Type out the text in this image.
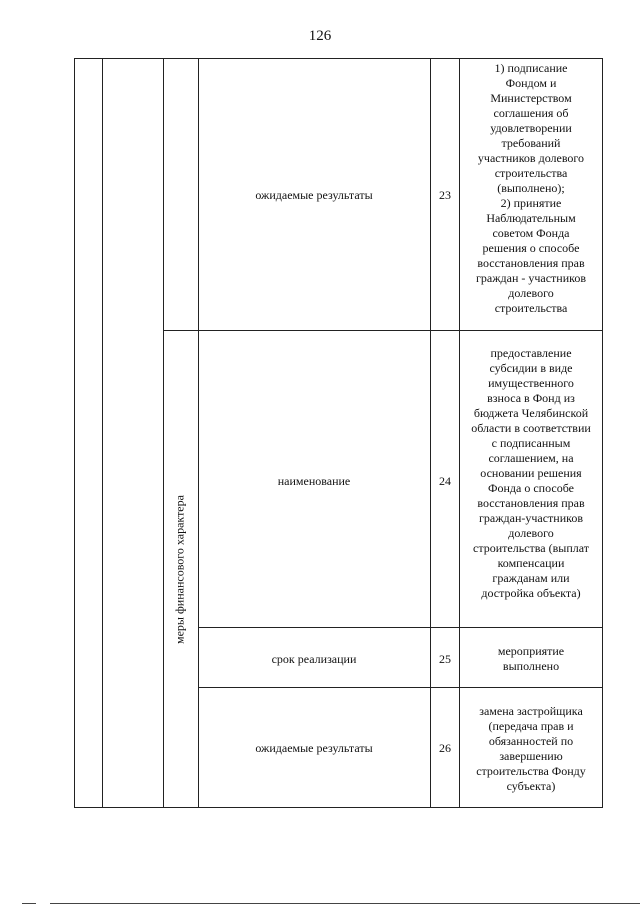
126
меры финансового характера
ожидаемые результаты	23
1) подписание
Фондом и
Министерством
соглашения об
удовлетворении
требований
участников долевого
строительства
(выполнено);
2) принятие
Наблюдательным
советом Фонда
решения о способе
восстановления прав
граждан - участников
долевого
строительства
наименование	24
предоставление
субсидии в виде
имущественного
взноса в Фонд из
бюджета Челябинской
области в соответствии
с подписанным
соглашением, на
основании решения
Фонда о способе
восстановления прав
граждан-участников
долевого
строительства (выплат
компенсации
гражданам или
достройка объекта)
срок реализации	25
мероприятие
выполнено
ожидаемые результаты	26
замена застройщика
(передача прав и
обязанностей по
завершению
строительства Фонду
субъекта)
